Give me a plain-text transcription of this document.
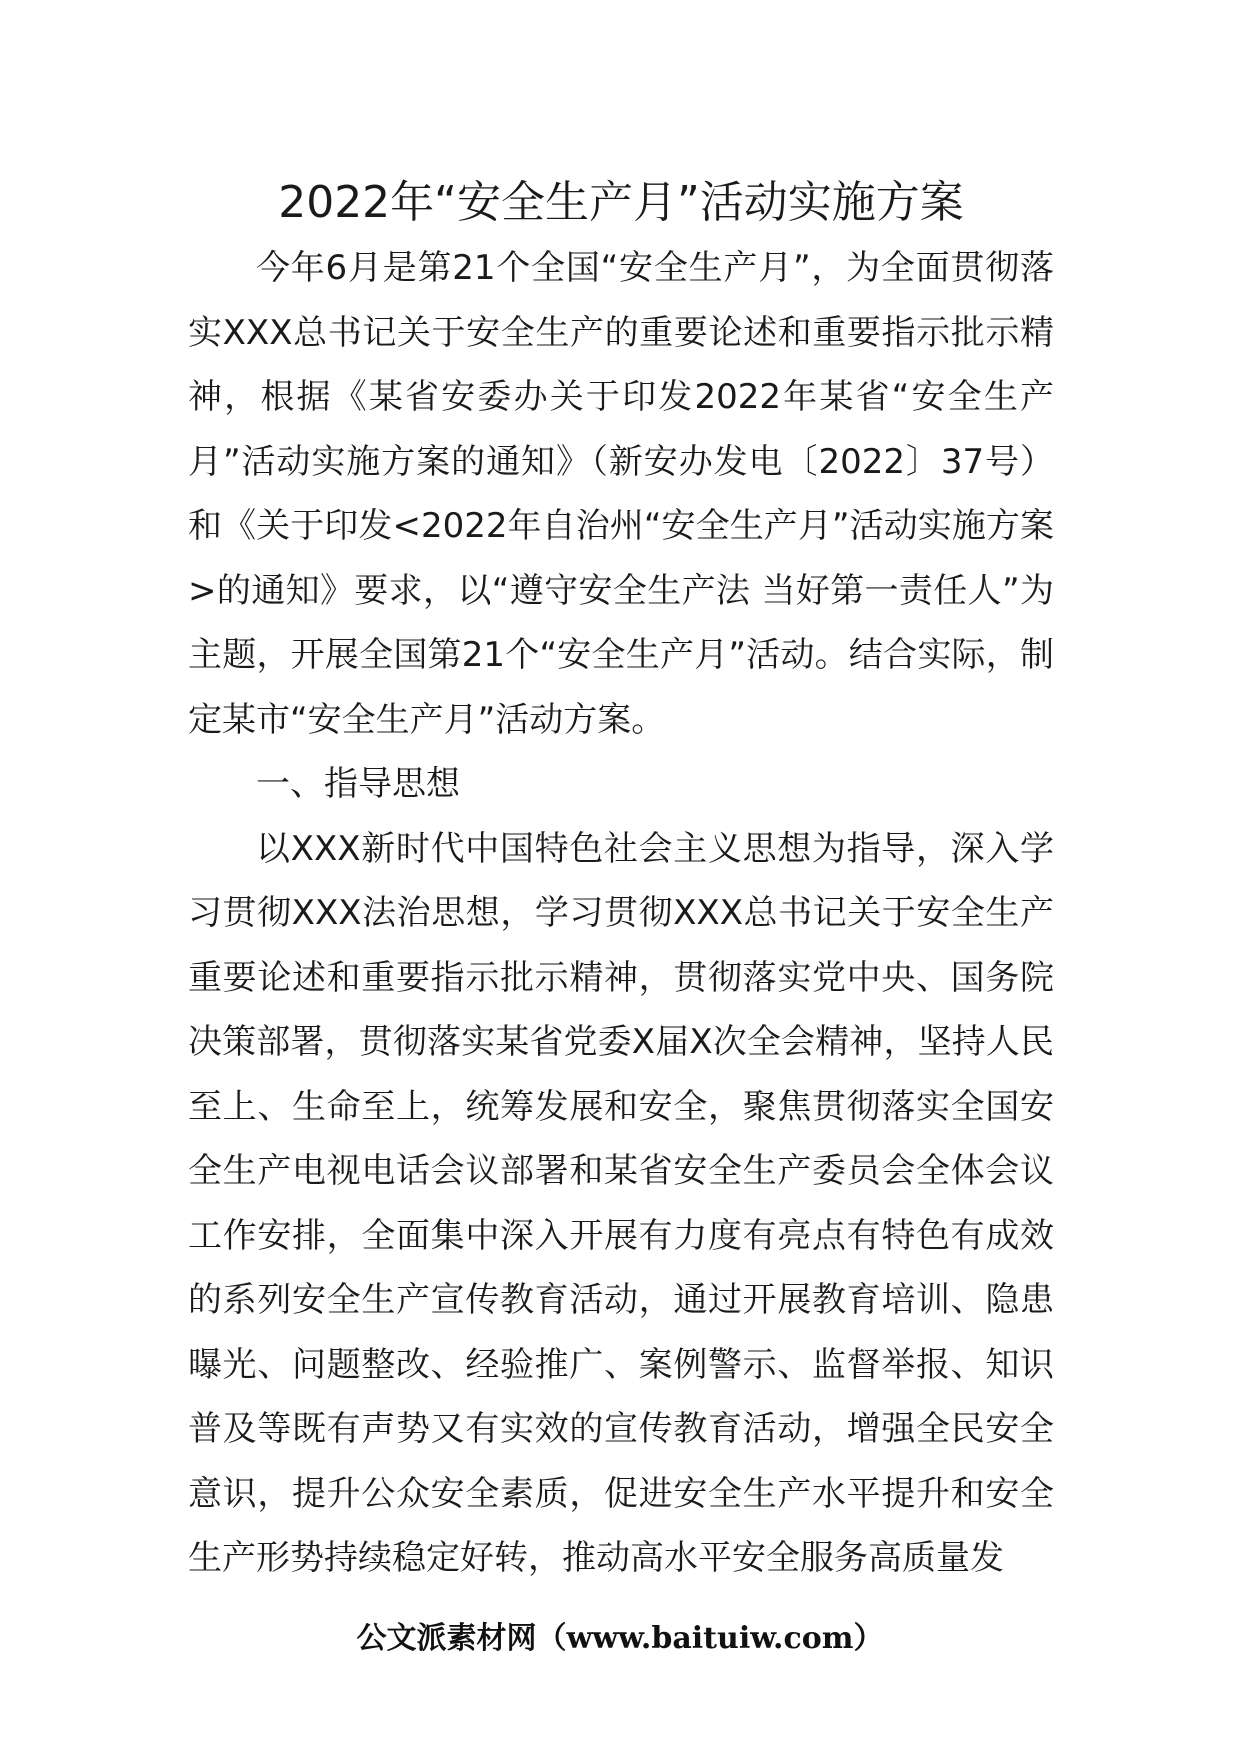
2022年“安全生产月”活动实施方案

今年6月是第21个全国“安全生产月”，为全面贯彻落实XXX总书记关于安全生产的重要论述和重要指示批示精神，根据《某省安委办关于印发2022年某省“安全生产月”活动实施方案的通知》（新安办发电〔2022〕37号）和《关于印发<2022年自治州“安全生产月”活动实施方案>的通知》要求，以“遵守安全生产法 当好第一责任人”为主题，开展全国第21个“安全生产月”活动。结合实际，制定某市“安全生产月”活动方案。

一、指导思想

以XXX新时代中国特色社会主义思想为指导，深入学习贯彻XXX法治思想，学习贯彻XXX总书记关于安全生产重要论述和重要指示批示精神，贯彻落实党中央、国务院决策部署，贯彻落实某省党委X届X次全会精神，坚持人民至上、生命至上，统筹发展和安全，聚焦贯彻落实全国安全生产电视电话会议部署和某省安全生产委员会全体会议工作安排，全面集中深入开展有力度有亮点有特色有成效的系列安全生产宣传教育活动，通过开展教育培训、隐患曝光、问题整改、经验推广、案例警示、监督举报、知识普及等既有声势又有实效的宣传教育活动，增强全民安全意识，提升公众安全素质，促进安全生产水平提升和安全生产形势持续稳定好转，推动高水平安全服务高质量发

公文派素材网（www.baituiw.com）
